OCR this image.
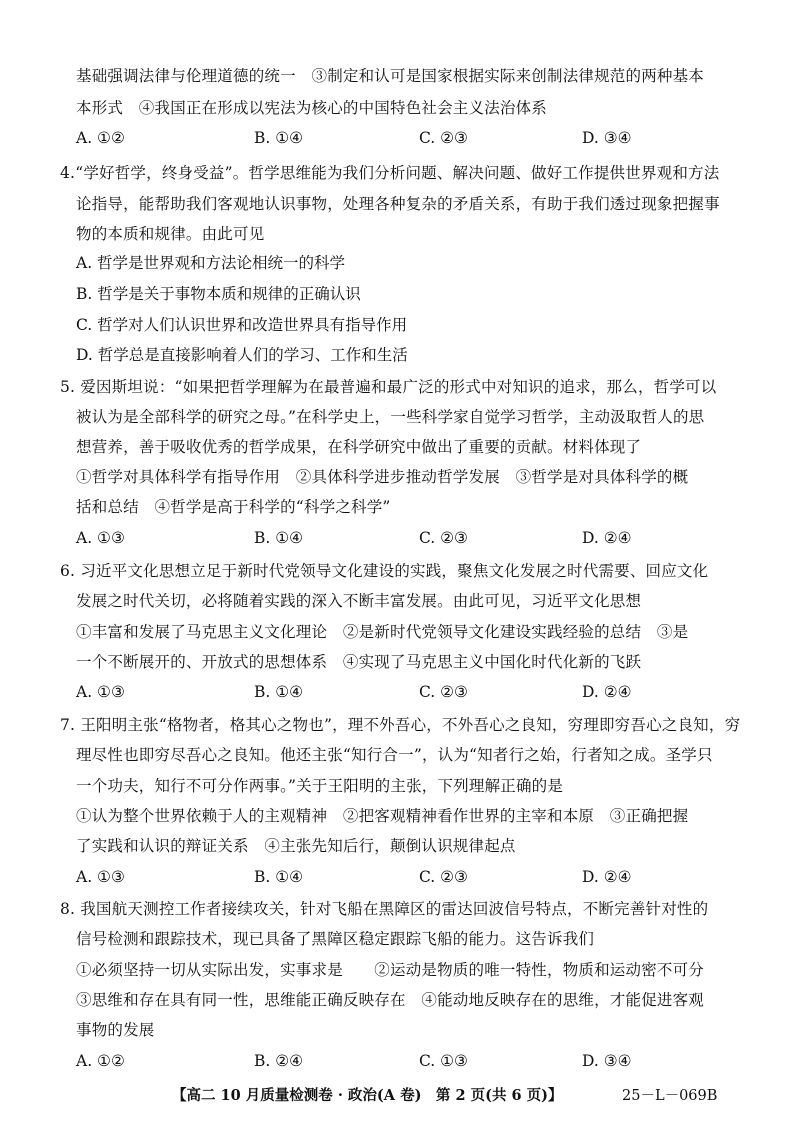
基础强调法律与伦理道德的统一　③制定和认可是国家根据实际来创制法律规范的两种基本
本形式　④我国正在形成以宪法为核心的中国特色社会主义法治体系
A. ①②	B. ①④	C. ②③	D. ③④
4.“学好哲学，终身受益”。哲学思维能为我们分析问题、解决问题、做好工作提供世界观和方法
论指导，能帮助我们客观地认识事物，处理各种复杂的矛盾关系，有助于我们透过现象把握事
物的本质和规律。由此可见
A. 哲学是世界观和方法论相统一的科学
B. 哲学是关于事物本质和规律的正确认识
C. 哲学对人们认识世界和改造世界具有指导作用
D. 哲学总是直接影响着人们的学习、工作和生活
5. 爱因斯坦说：“如果把哲学理解为在最普遍和最广泛的形式中对知识的追求，那么，哲学可以
被认为是全部科学的研究之母。”在科学史上，一些科学家自觉学习哲学，主动汲取哲人的思
想营养，善于吸收优秀的哲学成果，在科学研究中做出了重要的贡献。材料体现了
①哲学对具体科学有指导作用　②具体科学进步推动哲学发展　③哲学是对具体科学的概
括和总结　④哲学是高于科学的“科学之科学”
A. ①③	B. ①④	C. ②③	D. ②④
6. 习近平文化思想立足于新时代党领导文化建设的实践，聚焦文化发展之时代需要、回应文化
发展之时代关切，必将随着实践的深入不断丰富发展。由此可见，习近平文化思想
①丰富和发展了马克思主义文化理论　②是新时代党领导文化建设实践经验的总结　③是
一个不断展开的、开放式的思想体系　④实现了马克思主义中国化时代化新的飞跃
A. ①③	B. ①④	C. ②③	D. ②④
7. 王阳明主张“格物者，格其心之物也”，理不外吾心，不外吾心之良知，穷理即穷吾心之良知，穷
理尽性也即穷尽吾心之良知。他还主张“知行合一”，认为“知者行之始，行者知之成。圣学只
一个功夫，知行不可分作两事。”关于王阳明的主张，下列理解正确的是
①认为整个世界依赖于人的主观精神　②把客观精神看作世界的主宰和本原　③正确把握
了实践和认识的辩证关系　④主张先知后行，颠倒认识规律起点
A. ①③	B. ①④	C. ②③	D. ②④
8. 我国航天测控工作者接续攻关，针对飞船在黑障区的雷达回波信号特点，不断完善针对性的
信号检测和跟踪技术，现已具备了黑障区稳定跟踪飞船的能力。这告诉我们
①必须坚持一切从实际出发，实事求是　　②运动是物质的唯一特性，物质和运动密不可分
③思维和存在具有同一性，思维能正确反映存在　④能动地反映存在的思维，才能促进客观
事物的发展
A. ①②	B. ②④	C. ①③	D. ③④
【高二 10 月质量检测卷 · 政治(A 卷)　第 2 页(共 6 页)】	25－L－069B
